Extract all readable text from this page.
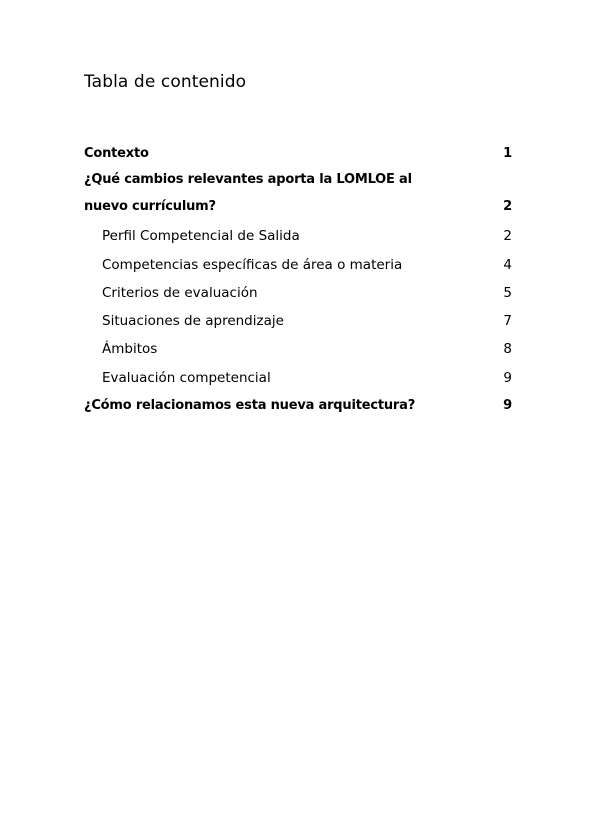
Tabla de contenido
Contexto	1
¿Qué cambios relevantes aporta la LOMLOE al nuevo currículum?	2
Perfil Competencial de Salida	2
Competencias específicas de área o materia	4
Criterios de evaluación	5
Situaciones de aprendizaje	7
Ámbitos	8
Evaluación competencial	9
¿Cómo relacionamos esta nueva arquitectura?	9
